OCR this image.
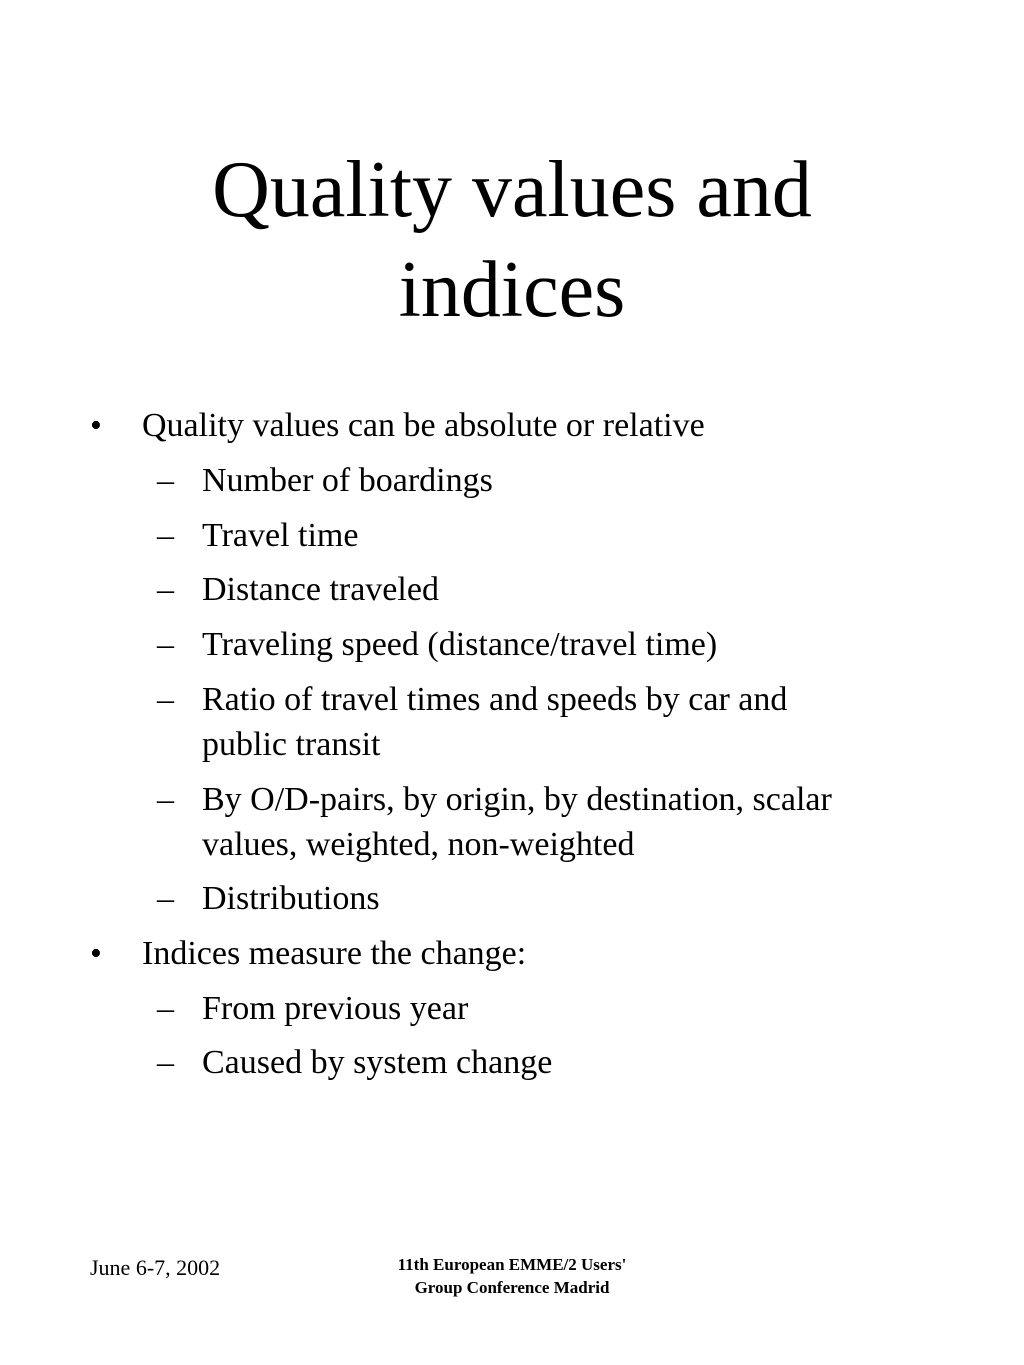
Quality values and
indices
• Quality values can be absolute or relative
– Number of boardings
– Travel time
– Distance traveled
– Traveling speed (distance/travel time)
– Ratio of travel times and speeds by car and
public transit
– By O/D-pairs, by origin, by destination, scalar
values, weighted, non-weighted
– Distributions
• Indices measure the change:
– From previous year
– Caused by system change
June 6-7, 2002	11th European EMME/2 Users'
Group Conference Madrid
